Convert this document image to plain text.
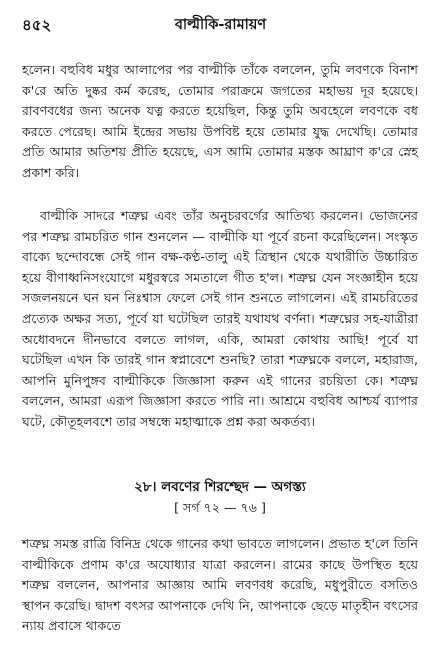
৪৫২	বাল্মীকি-রামায়ণ

হলেন। বহুবিধ মধুর আলাপের পর বাল্মীকি তাঁকে বললেন, তুমি লবণকে বিনাশ ক'রে অতি দুষ্কর কর্ম করেছ, তোমার পরাক্রমে জগতের মহাভয় দূর হয়েছে। রাবণবধের জন্য অনেক যত্ন করতে হয়েছিল, কিন্তু তুমি অবহেলে লবণকে বধ করতে পেরেছ। আমি ইন্দ্রের সভায় উপবিষ্ট হয়ে তোমার যুদ্ধ দেখেছি। তোমার প্রতি আমার অতিশয় প্রীতি হয়েছে, এস আমি তোমার মস্তক আঘ্রাণ ক'রে স্নেহ প্রকাশ করি।

বাল্মীকি সাদরে শত্রুঘ্ন এবং তাঁর অনুচরবর্গের আতিথ্য করলেন। ভোজনের পর শত্রুঘ্ন রামচরিত গান শুনলেন — বাল্মীকি যা পূর্বে রচনা করেছিলেন। সংস্কৃত বাক্যে ছন্দোবন্ধে সেই গান বক্ষ-কণ্ঠ-তালু এই ত্রিস্থান থেকে যথারীতি উচ্চারিত হয়ে বীণাধ্বনিসংযোগে মধুরস্বরে সমতালে গীত হ'ল। শত্রুঘ্ন যেন সংজ্ঞাহীন হয়ে সজলনয়নে ঘন ঘন নিঃশ্বাস ফেলে সেই গান শুনতে লাগলেন। এই রামচরিতের প্রত্যেক অক্ষর সত্য, পূর্বে যা ঘটেছিল তারই যথাযথ বর্ণনা। শত্রুঘ্নের সহ-যাত্রীরা অধোবদনে দীনভাবে বলতে লাগল, একি, আমরা কোথায় আছি! পূর্বে যা ঘটেছিল এখন কি তারই গান স্বপ্নাবেশে শুনছি? তারা শত্রুঘ্নকে বললে, মহারাজ, আপনি মুনিপুঙ্গব বাল্মীকিকে জিজ্ঞাসা করুন এই গানের রচয়িতা কে। শত্রুঘ্ন বললেন, আমরা এরূপ জিজ্ঞাসা করতে পারি না। আশ্রমে বহুবিধ আশ্চর্য ব্যাপার ঘটে, কৌতূহলবশে তার সম্বন্ধে মহাত্মাকে প্রশ্ন করা অকর্তব্য।

২৮। লবণের শিরশ্ছেদ — অগস্ত্য
[ সর্গ ৭২ — ৭৬ ]

শত্রুঘ্ন সমস্ত রাত্রি বিনিদ্র থেকে গানের কথা ভাবতে লাগলেন। প্রভাত হ'লে তিনি বাল্মীকিকে প্রণাম ক'রে অযোধ্যার যাত্রা করলেন। রামের কাছে উপস্থিত হয়ে শত্রুঘ্ন বললেন, আপনার আজ্ঞায় আমি লবণবধ করেছি, মধুপুরীতে বসতিও স্থাপন করেছি। দ্বাদশ বৎসর আপনাকে দেখি নি, আপনাকে ছেড়ে মাতৃহীন বৎসের ন্যায় প্রবাসে থাকতে
